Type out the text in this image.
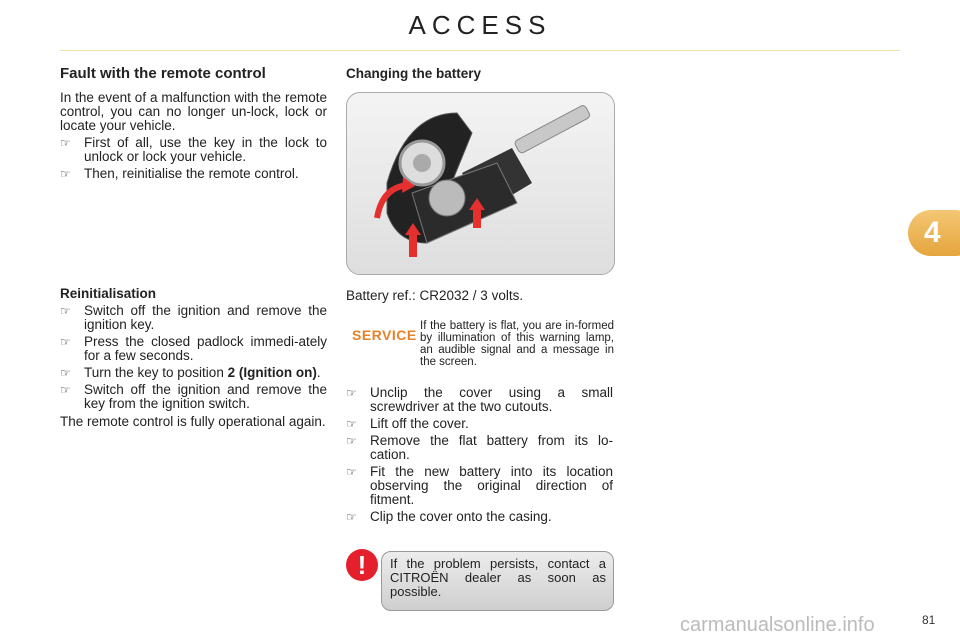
ACCESS
4
Fault with the remote control
In the event of a malfunction with the remote control, you can no longer un-lock, lock or locate your vehicle.
☞ First of all, use the key in the lock to unlock or lock your vehicle.
☞ Then, reinitialise the remote control.
Reinitialisation
☞ Switch off the ignition and remove the ignition key.
☞ Press the closed padlock immedi-ately for a few seconds.
☞ Turn the key to position 2 (Ignition on).
☞ Switch off the ignition and remove the key from the ignition switch.
The remote control is fully operational again.
Changing the battery
Battery ref.: CR2032 / 3 volts.
SERVICE
If the battery is flat, you are in-formed by illumination of this warning lamp, an audible signal and a message in the screen.
☞ Unclip the cover using a small screwdriver at the two cutouts.
☞ Lift off the cover.
☞ Remove the flat battery from its lo-cation.
☞ Fit the new battery into its location observing the original direction of fitment.
☞ Clip the cover onto the casing.
!	If the problem persists, contact a CITROËN dealer as soon as possible.
81
carmanualsonline.info
